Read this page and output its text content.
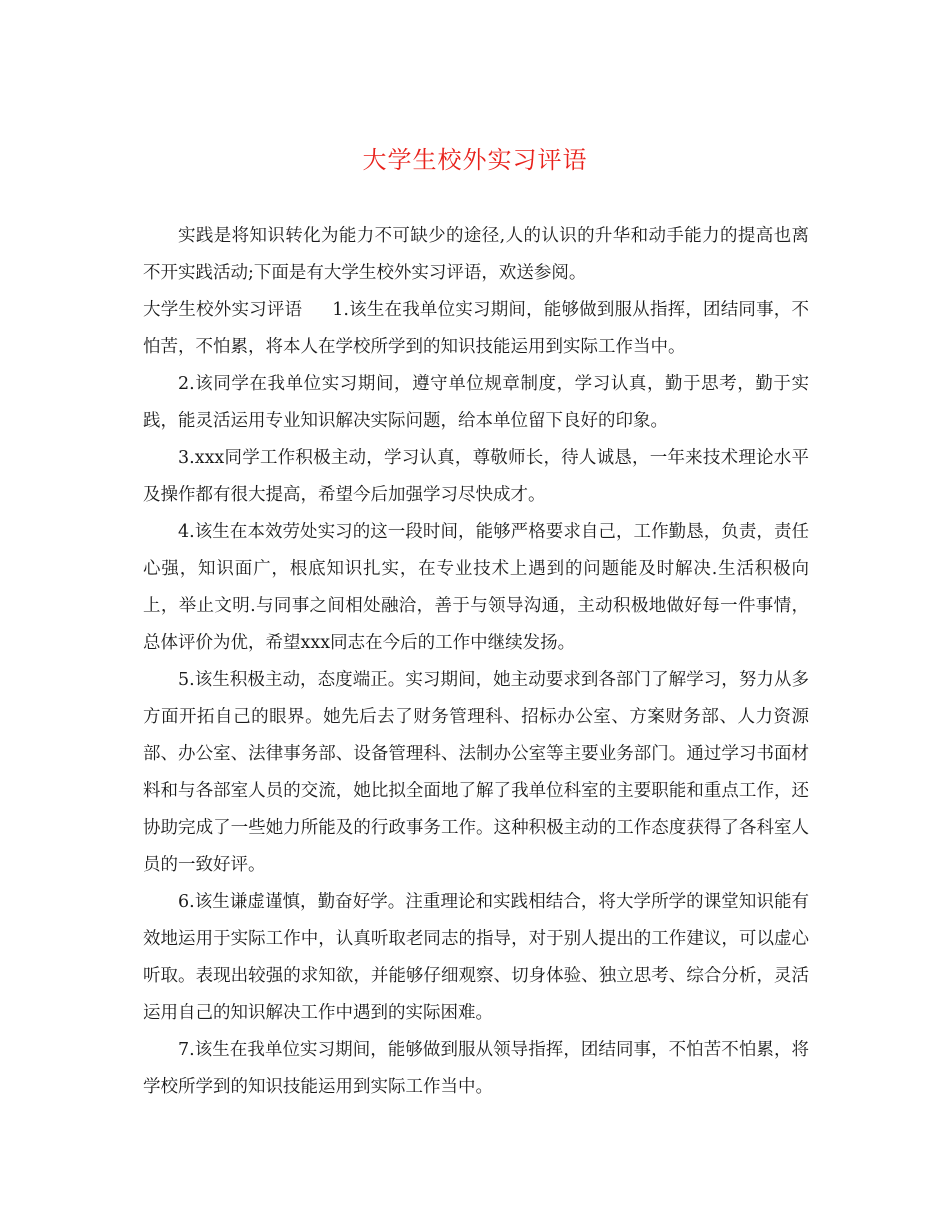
大学生校外实习评语

实践是将知识转化为能力不可缺少的途径,人的认识的升华和动手能力的提高也离不开实践活动;下面是有大学生校外实习评语，欢送参阅。

大学生校外实习评语 1.该生在我单位实习期间，能够做到服从指挥，团结同事，不怕苦，不怕累，将本人在学校所学到的知识技能运用到实际工作当中。

2.该同学在我单位实习期间，遵守单位规章制度，学习认真，勤于思考，勤于实践，能灵活运用专业知识解决实际问题，给本单位留下良好的印象。

3.xxx同学工作积极主动，学习认真，尊敬师长，待人诚恳，一年来技术理论水平及操作都有很大提高，希望今后加强学习尽快成才。

4.该生在本效劳处实习的这一段时间，能够严格要求自己，工作勤恳，负责，责任心强，知识面广，根底知识扎实，在专业技术上遇到的问题能及时解决.生活积极向上，举止文明.与同事之间相处融洽，善于与领导沟通，主动积极地做好每一件事情，总体评价为优，希望xxx同志在今后的工作中继续发扬。

5.该生积极主动，态度端正。实习期间，她主动要求到各部门了解学习，努力从多方面开拓自己的眼界。她先后去了财务管理科、招标办公室、方案财务部、人力资源部、办公室、法律事务部、设备管理科、法制办公室等主要业务部门。通过学习书面材料和与各部室人员的交流，她比拟全面地了解了我单位科室的主要职能和重点工作，还协助完成了一些她力所能及的行政事务工作。这种积极主动的工作态度获得了各科室人员的一致好评。

6.该生谦虚谨慎，勤奋好学。注重理论和实践相结合，将大学所学的课堂知识能有效地运用于实际工作中，认真听取老同志的指导，对于别人提出的工作建议，可以虚心听取。表现出较强的求知欲，并能够仔细观察、切身体验、独立思考、综合分析，灵活运用自己的知识解决工作中遇到的实际困难。

7.该生在我单位实习期间，能够做到服从领导指挥，团结同事，不怕苦不怕累，将学校所学到的知识技能运用到实际工作当中。
